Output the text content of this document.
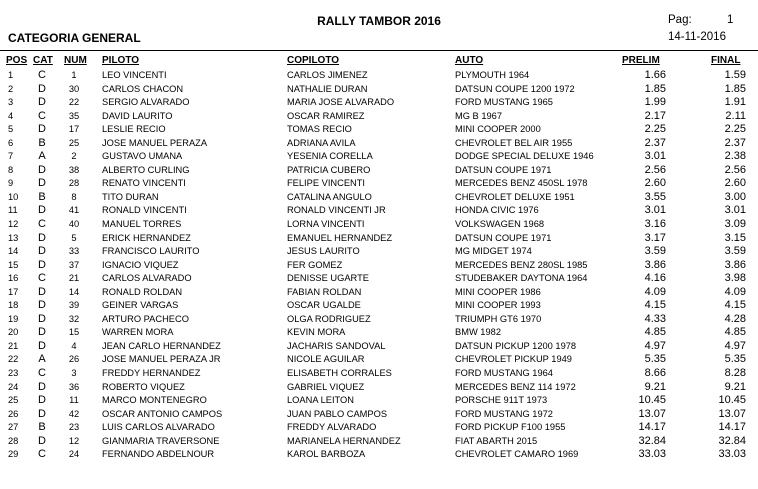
RALLY TAMBOR 2016
CATEGORIA GENERAL
Pag:	1
14-11-2016
POS CAT NUM PILOTO	COPILOTO	AUTO	PRELIM	FINAL
1 C	1	LEO VINCENTI	CARLOS JIMENEZ	PLYMOUTH 1964	1.66	1.59
2 D	30	CARLOS CHACON	NATHALIE DURAN	DATSUN COUPE 1200 1972	1.85	1.85
3 D	22	SERGIO ALVARADO	MARIA JOSE ALVARADO	FORD MUSTANG 1965	1.99	1.91
4 C	35	DAVID LAURITO	OSCAR RAMIREZ	MG B 1967	2.17	2.11
5 D	17	LESLIE RECIO	TOMAS RECIO	MINI COOPER 2000	2.25	2.25
6 B	25	JOSE MANUEL PERAZA	ADRIANA AVILA	CHEVROLET BEL AIR 1955	2.37	2.37
7 A	2	GUSTAVO UMANA	YESENIA CORELLA	DODGE SPECIAL DELUXE 1946	3.01	2.38
8 D	38	ALBERTO CURLING	PATRICIA CUBERO	DATSUN COUPE 1971	2.56	2.56
9 D	28	RENATO VINCENTI	FELIPE VINCENTI	MERCEDES BENZ 450SL 1978	2.60	2.60
10 B	8	TITO DURAN	CATALINA ANGULO	CHEVROLET DELUXE 1951	3.55	3.00
11 D	41	RONALD VINCENTI	RONALD VINCENTI JR	HONDA CIVIC 1976	3.01	3.01
12 C	40	MANUEL TORRES	LORNA VINCENTI	VOLKSWAGEN 1968	3.16	3.09
13 D	5	ERICK HERNANDEZ	EMANUEL HERNANDEZ	DATSUN COUPE 1971	3.17	3.15
14 D	33	FRANCISCO LAURITO	JESUS LAURITO	MG MIDGET 1974	3.59	3.59
15 D	37	IGNACIO VIQUEZ	FER GOMEZ	MERCEDES BENZ 280SL 1985	3.86	3.86
16 C	21	CARLOS ALVARADO	DENISSE UGARTE	STUDEBAKER DAYTONA 1964	4.16	3.98
17 D	14	RONALD ROLDAN	FABIAN ROLDAN	MINI COOPER 1986	4.09	4.09
18 D	39	GEINER VARGAS	OSCAR UGALDE	MINI COOPER 1993	4.15	4.15
19 D	32	ARTURO PACHECO	OLGA RODRIGUEZ	TRIUMPH GT6 1970	4.33	4.28
20 D	15	WARREN MORA	KEVIN MORA	BMW 1982	4.85	4.85
21 D	4	JEAN CARLO HERNANDEZ	JACHARIS SANDOVAL	DATSUN PICKUP 1200 1978	4.97	4.97
22 A	26	JOSE MANUEL PERAZA JR	NICOLE AGUILAR	CHEVROLET PICKUP 1949	5.35	5.35
23 C	3	FREDDY HERNANDEZ	ELISABETH CORRALES	FORD MUSTANG 1964	8.66	8.28
24 D	36	ROBERTO VIQUEZ	GABRIEL VIQUEZ	MERCEDES BENZ 114 1972	9.21	9.21
25 D	11	MARCO MONTENEGRO	LOANA LEITON	PORSCHE 911T 1973	10.45	10.45
26 D	42	OSCAR ANTONIO CAMPOS	JUAN PABLO CAMPOS	FORD MUSTANG 1972	13.07	13.07
27 B	23	LUIS CARLOS ALVARADO	FREDDY ALVARADO	FORD PICKUP F100 1955	14.17	14.17
28 D	12	GIANMARIA TRAVERSONE	MARIANELA HERNANDEZ	FIAT ABARTH 2015	32.84	32.84
29 C	24	FERNANDO ABDELNOUR	KAROL BARBOZA	CHEVROLET CAMARO 1969	33.03	33.03
